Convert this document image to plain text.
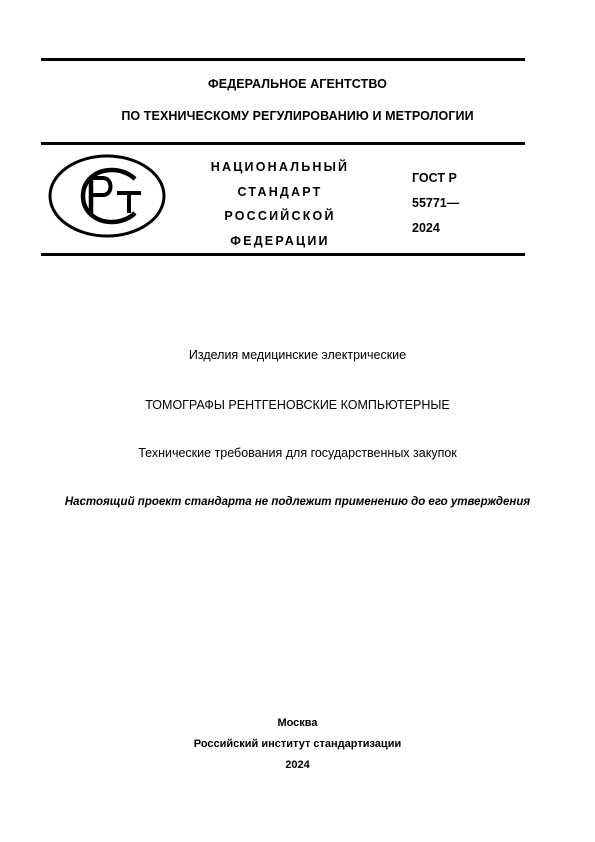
ФЕДЕРАЛЬНОЕ АГЕНТСТВО
ПО ТЕХНИЧЕСКОМУ РЕГУЛИРОВАНИЮ И МЕТРОЛОГИИ
НАЦИОНАЛЬНЫЙ
СТАНДАРТ
РОССИЙСКОЙ
ФЕДЕРАЦИИ
ГОСТ Р
55771—
2024
Изделия медицинские электрические
ТОМОГРАФЫ РЕНТГЕНОВСКИЕ КОМПЬЮТЕРНЫЕ
Технические требования для государственных закупок
Настоящий проект стандарта не подлежит применению до его утверждения
Москва
Российский институт стандартизации
2024
